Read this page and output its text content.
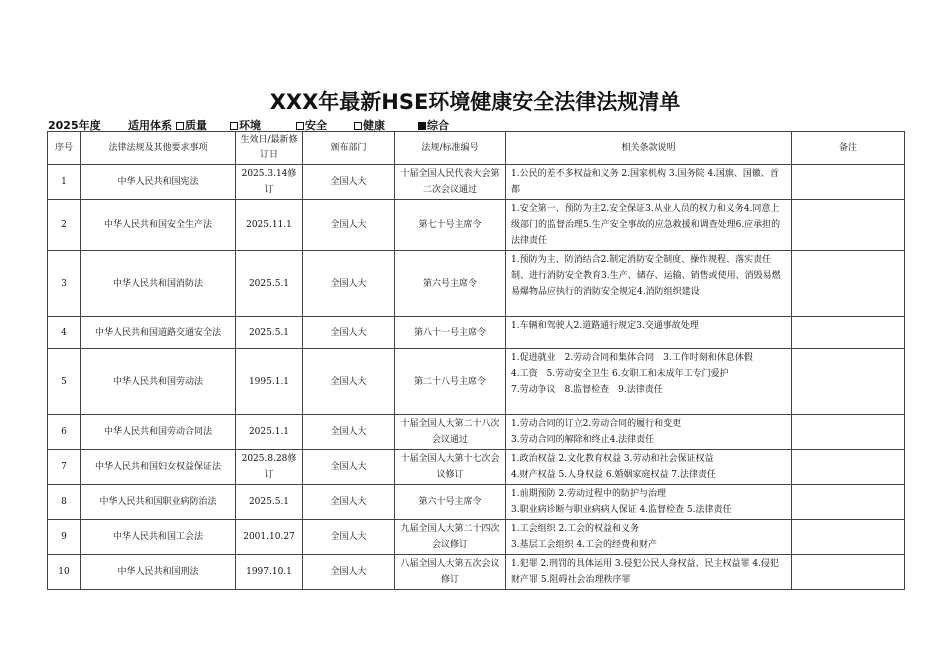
XXX年最新HSE环境健康安全法律法规清单
2025年度 适用体系	质量	环境	安全	健康	综合
序号	法律法规及其他要求事项	生效日/最新修订日	颁布部门	法规/标准编号	相关条款说明	备注
1	中华人民共和国宪法	2025.3.14修订	全国人大	十届全国人民代表大会第二次会议通过	1.公民的差不多权益和义务 2.国家机构 3.国务院 4.国旗、国徽、首都	

2	中华人民共和国安全生产法	2025.11.1	全国人大	第七十号主席令	1.安全第一、预防为主2.安全保证3.从业人员的权力和义务4.同意上级部门的监督治理5.生产安全事故的应急救援和调查处理6.应承担的法律责任	

3	中华人民共和国消防法	2025.5.1	全国人大	第六号主席令	1.预防为主、防消结合2.制定消防安全制度、操作规程、落实责任制、进行消防安全教育3.生产、储存、运输、销售或使用、消毁易燃易爆物品应执行的消防安全规定4.消防组织建设	

4	中华人民共和国道路交通安全法	2025.5.1	全国人大	第八十一号主席令	1.车辆和驾驶人2.道路通行规定3.交通事故处理	

5	中华人民共和国劳动法	1995.1.1	全国人大	第二十八号主席令	1.促进就业　2.劳动合同和集体合同　3.工作时刻和休息休假
4.工资　5.劳动安全卫生 6.女职工和未成年工专门爱护
7.劳动争议　8.监督检查　9.法律责任	

6	中华人民共和国劳动合同法	2025.1.1	全国人大	十届全国人大第二十八次会议通过	1.劳动合同的订立2.劳动合同的履行和变更
3.劳动合同的解除和终止4.法律责任	

7	中华人民共和国妇女权益保证法	2025.8.28修订	全国人大	十届全国人大第十七次会议修订	1.政治权益 2.文化教育权益 3.劳动和社会保证权益
4.财产权益 5.人身权益 6.婚姻家庭权益 7.法律责任	

8	中华人民共和国职业病防治法	2025.5.1	全国人大	第六十号主席令	1.前期预防 2.劳动过程中的防护与治理
3.职业病诊断与职业病病人保证 4.监督检查 5.法律责任	

9	中华人民共和国工会法	2001.10.27	全国人大	九届全国人大第二十四次会议修订	1.工会组织 2.工会的权益和义务
3.基层工会组织 4.工会的经费和财产	

10	中华人民共和国刑法	1997.10.1	全国人大	八届全国人大第五次会议修订	1.犯罪 2.刑罚的具体运用 3.侵犯公民人身权益、民主权益罪 4.侵犯财产罪 5.阻碍社会治理秩序罪	
